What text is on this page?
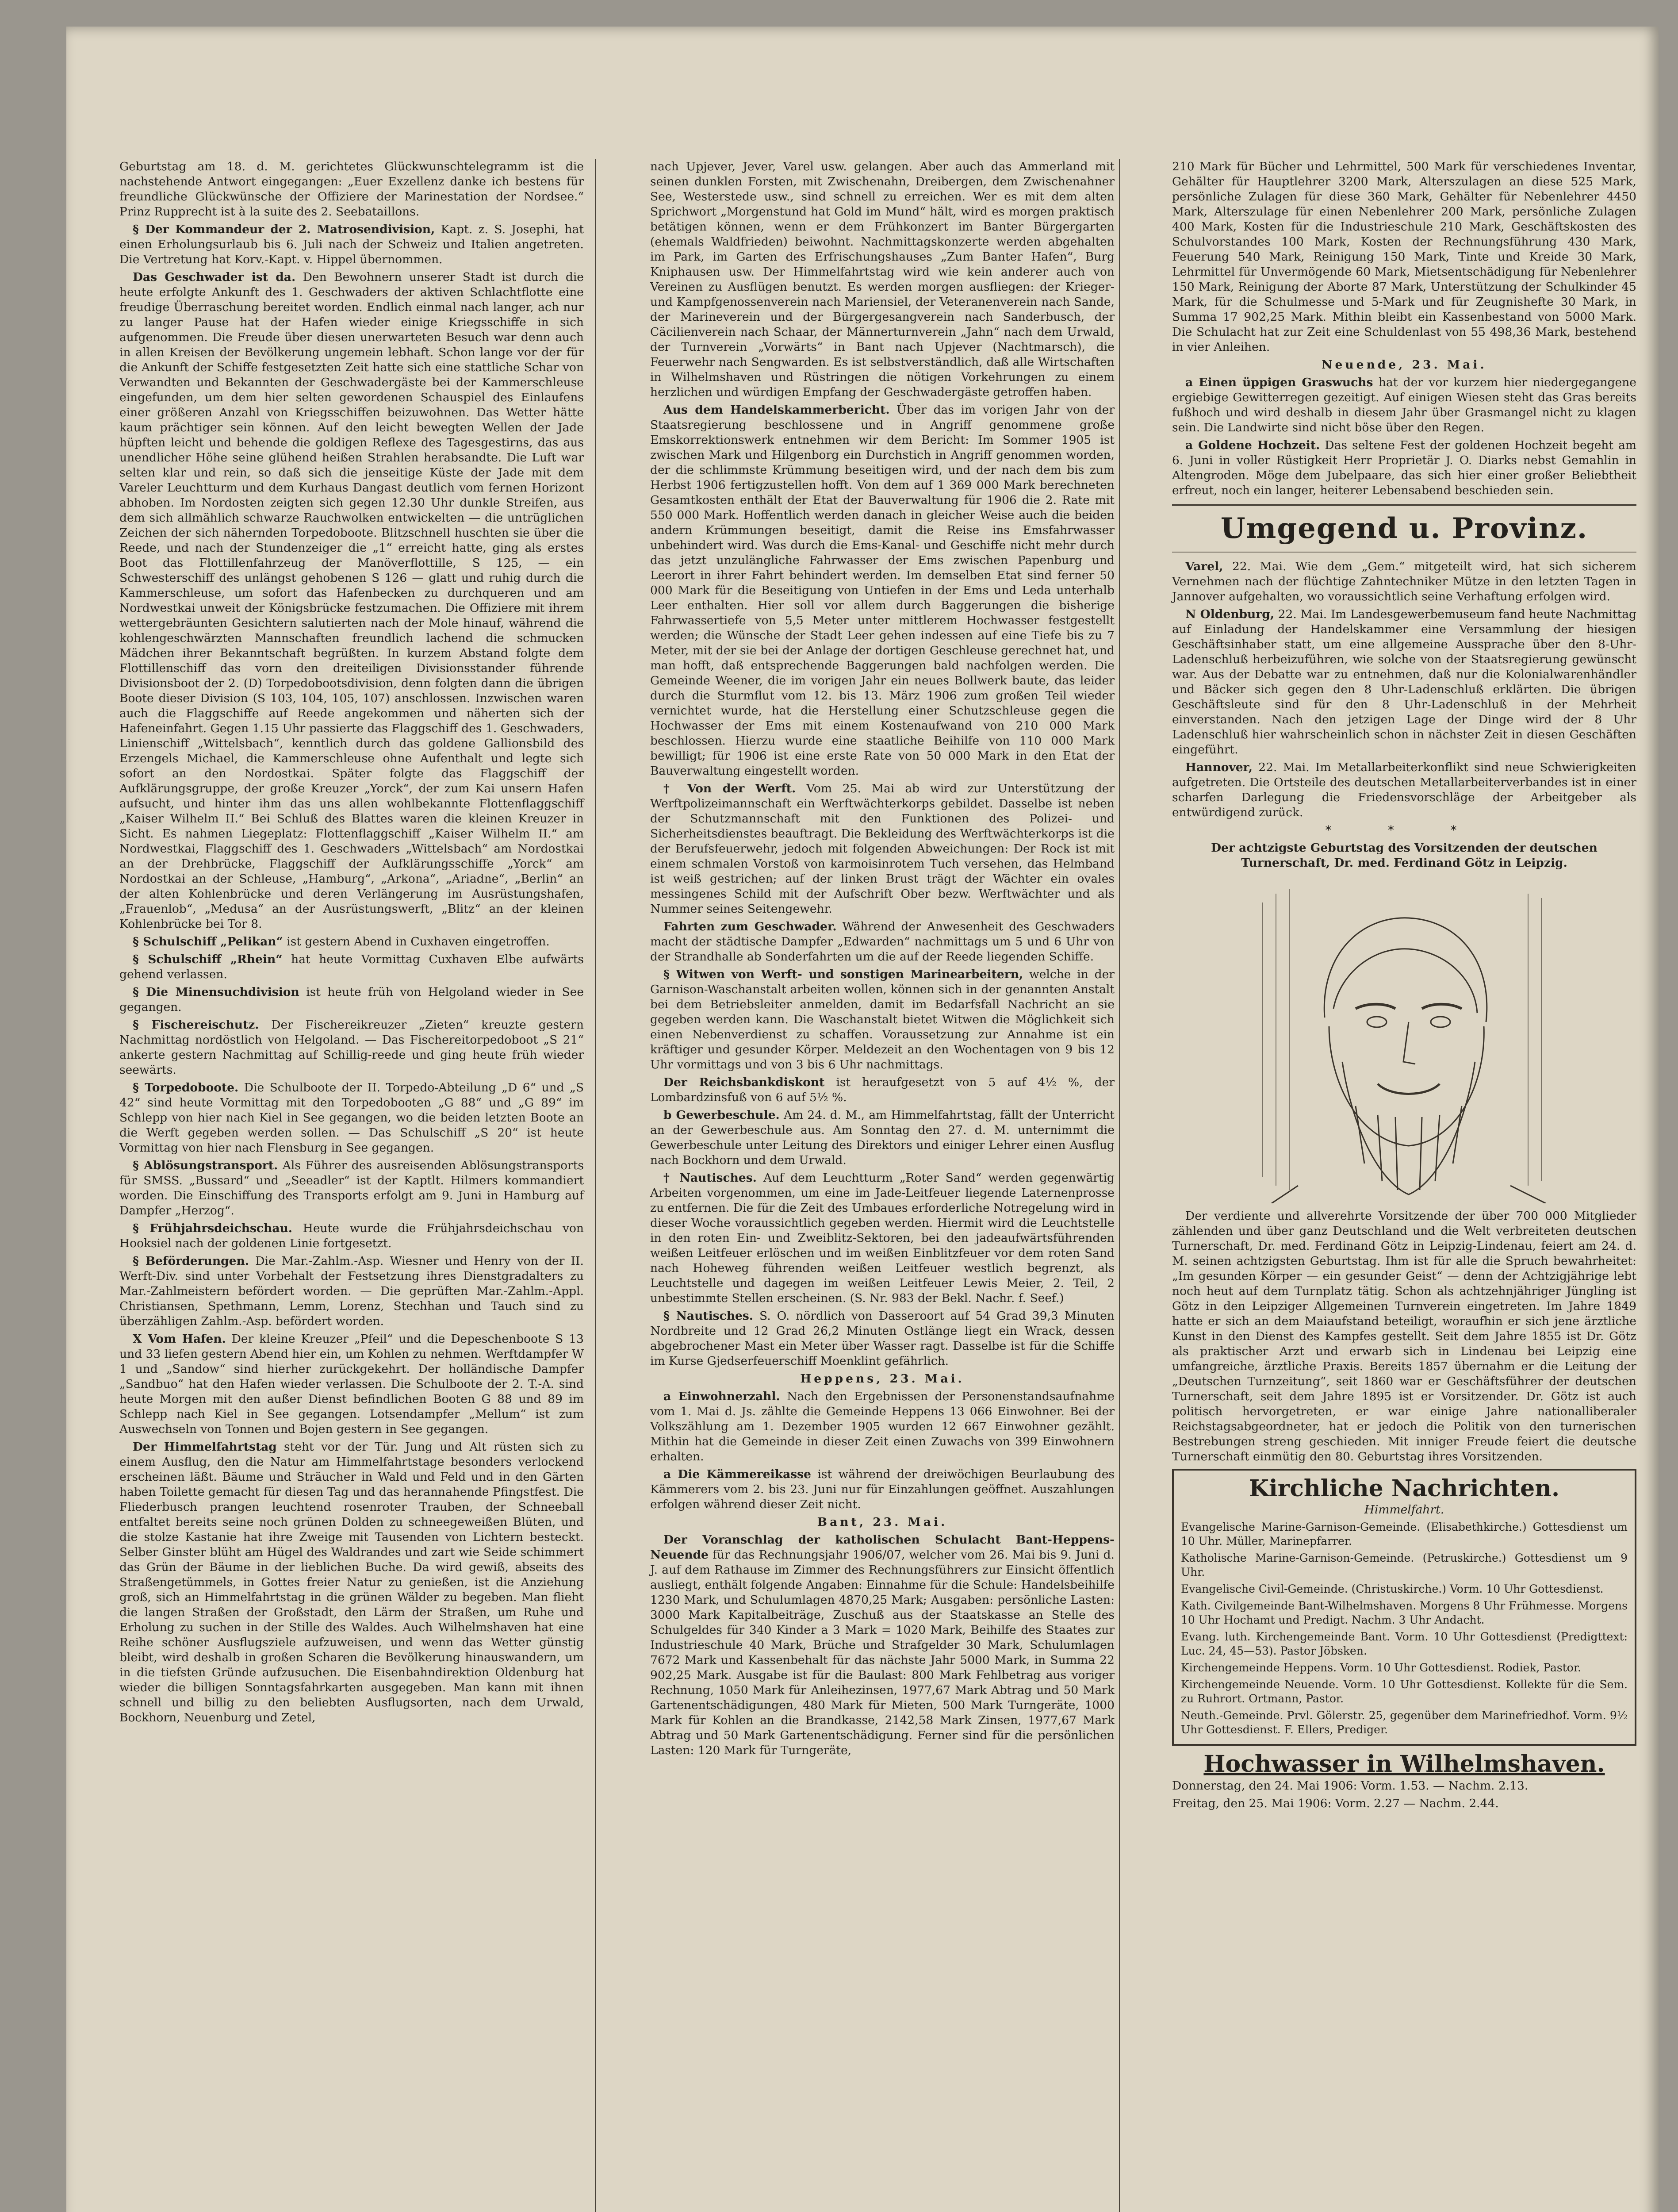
Geburtstag am 18. d. M. gerichtetes Glückwunschtelegramm ist die nachstehende Antwort eingegangen: „Euer Exzellenz danke ich bestens für freundliche Glückwünsche der Offiziere der Marinestation der Nordsee.“ Prinz Rupprecht ist à la suite des 2. Seebataillons.

§ Der Kommandeur der 2. Matrosendivision, Kapt. z. S. Josephi, hat einen Erholungsurlaub bis 6. Juli nach der Schweiz und Italien angetreten. Die Vertretung hat Korv.-Kapt. v. Hippel übernommen.

Das Geschwader ist da. Den Bewohnern unserer Stadt ist durch die heute erfolgte Ankunft des 1. Geschwaders der aktiven Schlachtflotte eine freudige Überraschung bereitet worden. Endlich einmal nach langer, ach nur zu langer Pause hat der Hafen wieder einige Kriegsschiffe in sich aufgenommen. Die Freude über diesen unerwarteten Besuch war denn auch in allen Kreisen der Bevölkerung ungemein lebhaft. Schon lange vor der für die Ankunft der Schiffe festgesetzten Zeit hatte sich eine stattliche Schar von Verwandten und Bekannten der Geschwadergäste bei der Kammerschleuse eingefunden, um dem hier selten gewordenen Schauspiel des Einlaufens einer größeren Anzahl von Kriegsschiffen beizuwohnen. Das Wetter hätte kaum prächtiger sein können. Auf den leicht bewegten Wellen der Jade hüpften leicht und behende die goldigen Reflexe des Tagesgestirns, das aus unendlicher Höhe seine glühend heißen Strahlen herabsandte. Die Luft war selten klar und rein, so daß sich die jenseitige Küste der Jade mit dem Vareler Leuchtturm und dem Kurhaus Dangast deutlich vom fernen Horizont abhoben. Im Nordosten zeigten sich gegen 12.30 Uhr dunkle Streifen, aus dem sich allmählich schwarze Rauchwolken entwickelten — die untrüglichen Zeichen der sich nähernden Torpedoboote. Blitzschnell huschten sie über die Reede, und nach der Stundenzeiger die „1“ erreicht hatte, ging als erstes Boot das Flottillenfahrzeug der Manöverflottille, S 125, — ein Schwesterschiff des unlängst gehobenen S 126 — glatt und ruhig durch die Kammerschleuse, um sofort das Hafenbecken zu durchqueren und am Nordwestkai unweit der Königsbrücke festzumachen. Die Offiziere mit ihrem wettergebräunten Gesichtern salutierten nach der Mole hinauf, während die kohlengeschwärzten Mannschaften freundlich lachend die schmucken Mädchen ihrer Bekanntschaft begrüßten. In kurzem Abstand folgte dem Flottillenschiff das vorn den dreiteiligen Divisionsstander führende Divisionsboot der 2. (D) Torpedobootsdivision, denn folgten dann die übrigen Boote dieser Division (S 103, 104, 105, 107) anschlossen. Inzwischen waren auch die Flaggschiffe auf Reede angekommen und näherten sich der Hafeneinfahrt. Gegen 1.15 Uhr passierte das Flaggschiff des 1. Geschwaders, Linienschiff „Wittelsbach“, kenntlich durch das goldene Gallionsbild des Erzengels Michael, die Kammerschleuse ohne Aufenthalt und legte sich sofort an den Nordostkai. Später folgte das Flaggschiff der Aufklärungsgruppe, der große Kreuzer „Yorck“, der zum Kai unsern Hafen aufsucht, und hinter ihm das uns allen wohlbekannte Flottenflaggschiff „Kaiser Wilhelm II.“ Bei Schluß des Blattes waren die kleinen Kreuzer in Sicht. Es nahmen Liegeplatz: Flottenflaggschiff „Kaiser Wilhelm II.“ am Nordwestkai, Flaggschiff des 1. Geschwaders „Wittelsbach“ am Nordostkai an der Drehbrücke, Flaggschiff der Aufklärungsschiffe „Yorck“ am Nordostkai an der Schleuse, „Hamburg“, „Arkona“, „Ariadne“, „Berlin“ an der alten Kohlenbrücke und deren Verlängerung im Ausrüstungshafen, „Frauenlob“, „Medusa“ an der Ausrüstungswerft, „Blitz“ an der kleinen Kohlenbrücke bei Tor 8.

§ Schulschiff „Pelikan“ ist gestern Abend in Cuxhaven eingetroffen.

§ Schulschiff „Rhein“ hat heute Vormittag Cuxhaven Elbe aufwärts gehend verlassen.

§ Die Minensuchdivision ist heute früh von Helgoland wieder in See gegangen.

§ Fischereischutz. Der Fischereikreuzer „Zieten“ kreuzte gestern Nachmittag nordöstlich von Helgoland. — Das Fischereitorpedoboot „S 21“ ankerte gestern Nachmittag auf Schillig-reede und ging heute früh wieder seewärts.

§ Torpedoboote. Die Schulboote der II. Torpedo-Abteilung „D 6“ und „S 42“ sind heute Vormittag mit den Torpedobooten „G 88“ und „G 89“ im Schlepp von hier nach Kiel in See gegangen, wo die beiden letzten Boote an die Werft gegeben werden sollen. — Das Schulschiff „S 20“ ist heute Vormittag von hier nach Flensburg in See gegangen.

§ Ablösungstransport. Als Führer des ausreisenden Ablösungstransports für SMSS. „Bussard“ und „Seeadler“ ist der Kaptlt. Hilmers kommandiert worden. Die Einschiffung des Transports erfolgt am 9. Juni in Hamburg auf Dampfer „Herzog“.

§ Frühjahrsdeichschau. Heute wurde die Frühjahrsdeichschau von Hooksiel nach der goldenen Linie fortgesetzt.

§ Beförderungen. Die Mar.-Zahlm.-Asp. Wiesner und Henry von der II. Werft-Div. sind unter Vorbehalt der Festsetzung ihres Dienstgradalters zu Mar.-Zahlmeistern befördert worden. — Die geprüften Mar.-Zahlm.-Appl. Christiansen, Spethmann, Lemm, Lorenz, Stechhan und Tauch sind zu überzähligen Zahlm.-Asp. befördert worden.

X Vom Hafen. Der kleine Kreuzer „Pfeil“ und die Depeschenboote S 13 und 33 liefen gestern Abend hier ein, um Kohlen zu nehmen. Werftdampfer W 1 und „Sandow“ sind hierher zurückgekehrt. Der holländische Dampfer „Sandbuo“ hat den Hafen wieder verlassen. Die Schulboote der 2. T.-A. sind heute Morgen mit den außer Dienst befindlichen Booten G 88 und 89 im Schlepp nach Kiel in See gegangen. Lotsendampfer „Mellum“ ist zum Auswechseln von Tonnen und Bojen gestern in See gegangen.

Der Himmelfahrtstag steht vor der Tür. Jung und Alt rüsten sich zu einem Ausflug, den die Natur am Himmelfahrtstage besonders verlockend erscheinen läßt. Bäume und Sträucher in Wald und Feld und in den Gärten haben Toilette gemacht für diesen Tag und das herannahende Pfingstfest. Die Fliederbusch prangen leuchtend rosenroter Trauben, der Schneeball entfaltet bereits seine noch grünen Dolden zu schneegeweißen Blüten, und die stolze Kastanie hat ihre Zweige mit Tausenden von Lichtern besteckt. Selber Ginster blüht am Hügel des Waldrandes und zart wie Seide schimmert das Grün der Bäume in der lieblichen Buche. Da wird gewiß, abseits des Straßengetümmels, in Gottes freier Natur zu genießen, ist die Anziehung groß, sich an Himmelfahrtstag in die grünen Wälder zu begeben. Man flieht die langen Straßen der Großstadt, den Lärm der Straßen, um Ruhe und Erholung zu suchen in der Stille des Waldes. Auch Wilhelmshaven hat eine Reihe schöner Ausflugsziele aufzuweisen, und wenn das Wetter günstig bleibt, wird deshalb in großen Scharen die Bevölkerung hinauswandern, um in die tiefsten Gründe aufzusuchen. Die Eisenbahndirektion Oldenburg hat wieder die billigen Sonntagsfahrkarten ausgegeben. Man kann mit ihnen schnell und billig zu den beliebten Ausflugsorten, nach dem Urwald, Bockhorn, Neuenburg und Zetel,

nach Upjever, Jever, Varel usw. gelangen. Aber auch das Ammerland mit seinen dunklen Forsten, mit Zwischenahn, Dreibergen, dem Zwischenahner See, Westerstede usw., sind schnell zu erreichen. Wer es mit dem alten Sprichwort „Morgenstund hat Gold im Mund“ hält, wird es morgen praktisch betätigen können, wenn er dem Frühkonzert im Banter Bürgergarten (ehemals Waldfrieden) beiwohnt. Nachmittagskonzerte werden abgehalten im Park, im Garten des Erfrischungshauses „Zum Banter Hafen“, Burg Kniphausen usw. Der Himmelfahrtstag wird wie kein anderer auch von Vereinen zu Ausflügen benutzt. Es werden morgen ausfliegen: der Krieger- und Kampfgenossenverein nach Mariensiel, der Veteranenverein nach Sande, der Marineverein und der Bürgergesangverein nach Sanderbusch, der Cäcilienverein nach Schaar, der Männerturnverein „Jahn“ nach dem Urwald, der Turnverein „Vorwärts“ in Bant nach Upjever (Nachtmarsch), die Feuerwehr nach Sengwarden. Es ist selbstverständlich, daß alle Wirtschaften in Wilhelmshaven und Rüstringen die nötigen Vorkehrungen zu einem herzlichen und würdigen Empfang der Geschwadergäste getroffen haben.

Aus dem Handelskammerbericht. Über das im vorigen Jahr von der Staatsregierung beschlossene und in Angriff genommene große Emskorrektionswerk entnehmen wir dem Bericht: Im Sommer 1905 ist zwischen Mark und Hilgenborg ein Durchstich in Angriff genommen worden, der die schlimmste Krümmung beseitigen wird, und der nach dem bis zum Herbst 1906 fertigzustellen hofft. Von dem auf 1 369 000 Mark berechneten Gesamtkosten enthält der Etat der Bauverwaltung für 1906 die 2. Rate mit 550 000 Mark. Hoffentlich werden danach in gleicher Weise auch die beiden andern Krümmungen beseitigt, damit die Reise ins Emsfahrwasser unbehindert wird. Was durch die Ems-Kanal- und Geschiffe nicht mehr durch das jetzt unzulängliche Fahrwasser der Ems zwischen Papenburg und Leerort in ihrer Fahrt behindert werden. Im demselben Etat sind ferner 50 000 Mark für die Beseitigung von Untiefen in der Ems und Leda unterhalb Leer enthalten. Hier soll vor allem durch Baggerungen die bisherige Fahrwassertiefe von 5,5 Meter unter mittlerem Hochwasser festgestellt werden; die Wünsche der Stadt Leer gehen indessen auf eine Tiefe bis zu 7 Meter, mit der sie bei der Anlage der dortigen Geschleuse gerechnet hat, und man hofft, daß entsprechende Baggerungen bald nachfolgen werden. Die Gemeinde Weener, die im vorigen Jahr ein neues Bollwerk baute, das leider durch die Sturmflut vom 12. bis 13. März 1906 zum großen Teil wieder vernichtet wurde, hat die Herstellung einer Schutzschleuse gegen die Hochwasser der Ems mit einem Kostenaufwand von 210 000 Mark beschlossen. Hierzu wurde eine staatliche Beihilfe von 110 000 Mark bewilligt; für 1906 ist eine erste Rate von 50 000 Mark in den Etat der Bauverwaltung eingestellt worden.

† Von der Werft. Vom 25. Mai ab wird zur Unterstützung der Werftpolizeimannschaft ein Werftwächterkorps gebildet. Dasselbe ist neben der Schutzmannschaft mit den Funktionen des Polizei- und Sicherheitsdienstes beauftragt. Die Bekleidung des Werftwächterkorps ist die der Berufsfeuerwehr, jedoch mit folgenden Abweichungen: Der Rock ist mit einem schmalen Vorstoß von karmoisinrotem Tuch versehen, das Helmband ist weiß gestrichen; auf der linken Brust trägt der Wächter ein ovales messingenes Schild mit der Aufschrift Ober bezw. Werftwächter und als Nummer seines Seitengewehr.

Fahrten zum Geschwader. Während der Anwesenheit des Geschwaders macht der städtische Dampfer „Edwarden“ nachmittags um 5 und 6 Uhr von der Strandhalle ab Sonderfahrten um die auf der Reede liegenden Schiffe.

§ Witwen von Werft- und sonstigen Marinearbeitern, welche in der Garnison-Waschanstalt arbeiten wollen, können sich in der genannten Anstalt bei dem Betriebsleiter anmelden, damit im Bedarfsfall Nachricht an sie gegeben werden kann. Die Waschanstalt bietet Witwen die Möglichkeit sich einen Nebenverdienst zu schaffen. Voraussetzung zur Annahme ist ein kräftiger und gesunder Körper. Meldezeit an den Wochentagen von 9 bis 12 Uhr vormittags und von 3 bis 6 Uhr nachmittags.

Der Reichsbankdiskont ist heraufgesetzt von 5 auf 4½ %, der Lombardzinsfuß von 6 auf 5½ %.

b Gewerbeschule. Am 24. d. M., am Himmelfahrtstag, fällt der Unterricht an der Gewerbeschule aus. Am Sonntag den 27. d. M. unternimmt die Gewerbeschule unter Leitung des Direktors und einiger Lehrer einen Ausflug nach Bockhorn und dem Urwald.

† Nautisches. Auf dem Leuchtturm „Roter Sand“ werden gegenwärtig Arbeiten vorgenommen, um eine im Jade-Leitfeuer liegende Laternenprosse zu entfernen. Die für die Zeit des Umbaues erforderliche Notregelung wird in dieser Woche voraussichtlich gegeben werden. Hiermit wird die Leuchtstelle in den roten Ein- und Zweiblitz-Sektoren, bei den jadeaufwärtsführenden weißen Leitfeuer erlöschen und im weißen Einblitzfeuer vor dem roten Sand nach Hoheweg führenden weißen Leitfeuer westlich begrenzt, als Leuchtstelle und dagegen im weißen Leitfeuer Lewis Meier, 2. Teil, 2 unbestimmte Stellen erscheinen. (S. Nr. 983 der Bekl. Nachr. f. Seef.)

§ Nautisches. S. O. nördlich von Dasseroort auf 54 Grad 39,3 Minuten Nordbreite und 12 Grad 26,2 Minuten Ostlänge liegt ein Wrack, dessen abgebrochener Mast ein Meter über Wasser ragt. Dasselbe ist für die Schiffe im Kurse Gjedserfeuerschiff Moenklint gefährlich.

Heppens, 23. Mai.

a Einwohnerzahl. Nach den Ergebnissen der Personenstandsaufnahme vom 1. Mai d. Js. zählte die Gemeinde Heppens 13 066 Einwohner. Bei der Volkszählung am 1. Dezember 1905 wurden 12 667 Einwohner gezählt. Mithin hat die Gemeinde in dieser Zeit einen Zuwachs von 399 Einwohnern erhalten.

a Die Kämmereikasse ist während der dreiwöchigen Beurlaubung des Kämmerers vom 2. bis 23. Juni nur für Einzahlungen geöffnet. Auszahlungen erfolgen während dieser Zeit nicht.

Bant, 23. Mai.

Der Voranschlag der katholischen Schulacht Bant-Heppens-Neuende für das Rechnungsjahr 1906/07, welcher vom 26. Mai bis 9. Juni d. J. auf dem Rathause im Zimmer des Rechnungsführers zur Einsicht öffentlich ausliegt, enthält folgende Angaben: Einnahme für die Schule: Handelsbeihilfe 1230 Mark, und Schulumlagen 4870,25 Mark; Ausgaben: persönliche Lasten: 3000 Mark Kapitalbeiträge, Zuschuß aus der Staatskasse an Stelle des Schulgeldes für 340 Kinder a 3 Mark = 1020 Mark, Beihilfe des Staates zur Industrieschule 40 Mark, Brüche und Strafgelder 30 Mark, Schulumlagen 7672 Mark und Kassenbehalt für das nächste Jahr 5000 Mark, in Summa 22 902,25 Mark. Ausgabe ist für die Baulast: 800 Mark Fehlbetrag aus voriger Rechnung, 1050 Mark für Anleihezinsen, 1977,67 Mark Abtrag und 50 Mark Gartenentschädigungen, 480 Mark für Mieten, 500 Mark Turngeräte, 1000 Mark für Kohlen an die Brandkasse, 2142,58 Mark Zinsen, 1977,67 Mark Abtrag und 50 Mark Gartenentschädigung. Ferner sind für die persönlichen Lasten: 120 Mark für Turngeräte,

210 Mark für Bücher und Lehrmittel, 500 Mark für verschiedenes Inventar, Gehälter für Hauptlehrer 3200 Mark, Alterszulagen an diese 525 Mark, persönliche Zulagen für diese 360 Mark, Gehälter für Nebenlehrer 4450 Mark, Alterszulage für einen Nebenlehrer 200 Mark, persönliche Zulagen 400 Mark, Kosten für die Industrieschule 210 Mark, Geschäftskosten des Schulvorstandes 100 Mark, Kosten der Rechnungsführung 430 Mark, Feuerung 540 Mark, Reinigung 150 Mark, Tinte und Kreide 30 Mark, Lehrmittel für Unvermögende 60 Mark, Mietsentschädigung für Nebenlehrer 150 Mark, Reinigung der Aborte 87 Mark, Unterstützung der Schulkinder 45 Mark, für die Schulmesse und 5-Mark und für Zeugnishefte 30 Mark, in Summa 17 902,25 Mark. Mithin bleibt ein Kassenbestand von 5000 Mark. Die Schulacht hat zur Zeit eine Schuldenlast von 55 498,36 Mark, bestehend in vier Anleihen.

Neuende, 23. Mai.

a Einen üppigen Graswuchs hat der vor kurzem hier niedergegangene ergiebige Gewitterregen gezeitigt. Auf einigen Wiesen steht das Gras bereits fußhoch und wird deshalb in diesem Jahr über Grasmangel nicht zu klagen sein. Die Landwirte sind nicht böse über den Regen.

a Goldene Hochzeit. Das seltene Fest der goldenen Hochzeit begeht am 6. Juni in voller Rüstigkeit Herr Proprietär J. O. Diarks nebst Gemahlin in Altengroden. Möge dem Jubelpaare, das sich hier einer großer Beliebtheit erfreut, noch ein langer, heiterer Lebensabend beschieden sein.

Umgegend u. Provinz.

Varel, 22. Mai. Wie dem „Gem.“ mitgeteilt wird, hat sich sicherem Vernehmen nach der flüchtige Zahntechniker Mütze in den letzten Tagen in Jannover aufgehalten, wo voraussichtlich seine Verhaftung erfolgen wird.

N Oldenburg, 22. Mai. Im Landesgewerbemuseum fand heute Nachmittag auf Einladung der Handelskammer eine Versammlung der hiesigen Geschäftsinhaber statt, um eine allgemeine Aussprache über den 8-Uhr-Ladenschluß herbeizuführen, wie solche von der Staatsregierung gewünscht war. Aus der Debatte war zu entnehmen, daß nur die Kolonialwarenhändler und Bäcker sich gegen den 8 Uhr-Ladenschluß erklärten. Die übrigen Geschäftsleute sind für den 8 Uhr-Ladenschluß in der Mehrheit einverstanden. Nach den jetzigen Lage der Dinge wird der 8 Uhr Ladenschluß hier wahrscheinlich schon in nächster Zeit in diesen Geschäften eingeführt.

Hannover, 22. Mai. Im Metallarbeiterkonflikt sind neue Schwierigkeiten aufgetreten. Die Ortsteile des deutschen Metallarbeiterverbandes ist in einer scharfen Darlegung die Friedensvorschläge der Arbeitgeber als entwürdigend zurück.

* * *

Der achtzigste Geburtstag des Vorsitzenden der deutschen Turnerschaft, Dr. med. Ferdinand Götz in Leipzig.

Der verdiente und allverehrte Vorsitzende der über 700 000 Mitglieder zählenden und über ganz Deutschland und die Welt verbreiteten deutschen Turnerschaft, Dr. med. Ferdinand Götz in Leipzig-Lindenau, feiert am 24. d. M. seinen achtzigsten Geburtstag. Ihm ist für alle die Spruch bewahrheitet: „Im gesunden Körper — ein gesunder Geist“ — denn der Achtzigjährige lebt noch heut auf dem Turnplatz tätig. Schon als achtzehnjähriger Jüngling ist Götz in den Leipziger Allgemeinen Turnverein eingetreten. Im Jahre 1849 hatte er sich an dem Maiaufstand beteiligt, woraufhin er sich jene ärztliche Kunst in den Dienst des Kampfes gestellt. Seit dem Jahre 1855 ist Dr. Götz als praktischer Arzt und erwarb sich in Lindenau bei Leipzig eine umfangreiche, ärztliche Praxis. Bereits 1857 übernahm er die Leitung der „Deutschen Turnzeitung“, seit 1860 war er Geschäftsführer der deutschen Turnerschaft, seit dem Jahre 1895 ist er Vorsitzender. Dr. Götz ist auch politisch hervorgetreten, er war einige Jahre nationalliberaler Reichstagsabgeordneter, hat er jedoch die Politik von den turnerischen Bestrebungen streng geschieden. Mit inniger Freude feiert die deutsche Turnerschaft einmütig den 80. Geburtstag ihres Vorsitzenden.

Kirchliche Nachrichten.

Himmelfahrt.

Evangelische Marine-Garnison-Gemeinde. (Elisabethkirche.) Gottesdienst um 10 Uhr. Müller, Marinepfarrer.

Katholische Marine-Garnison-Gemeinde. (Petruskirche.) Gottesdienst um 9 Uhr.

Evangelische Civil-Gemeinde. (Christuskirche.) Vorm. 10 Uhr Gottesdienst.

Kath. Civilgemeinde Bant-Wilhelmshaven. Morgens 8 Uhr Frühmesse. Morgens 10 Uhr Hochamt und Predigt. Nachm. 3 Uhr Andacht.

Evang. luth. Kirchengemeinde Bant. Vorm. 10 Uhr Gottesdienst (Predigttext: Luc. 24, 45—53). Pastor Jöbsken.

Kirchengemeinde Heppens. Vorm. 10 Uhr Gottesdienst. Rodiek, Pastor.

Kirchengemeinde Neuende. Vorm. 10 Uhr Gottesdienst. Kollekte für die Sem. zu Ruhrort. Ortmann, Pastor.

Neuth.-Gemeinde. Prvl. Gölerstr. 25, gegenüber dem Marinefriedhof. Vorm. 9½ Uhr Gottesdienst. F. Ellers, Prediger.

Hochwasser in Wilhelmshaven.

Donnerstag, den 24. Mai 1906: Vorm. 1.53. — Nachm. 2.13.

Freitag, den 25. Mai 1906: Vorm. 2.27 — Nachm. 2.44.
